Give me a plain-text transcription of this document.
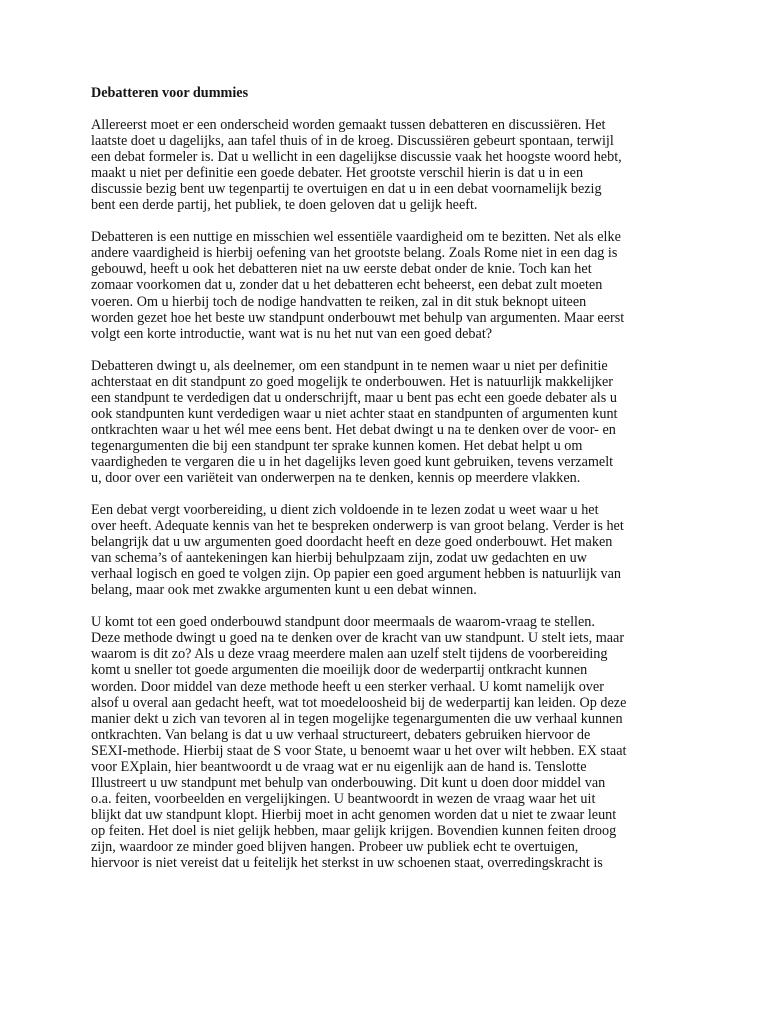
Debatteren voor dummies
Allereerst moet er een onderscheid worden gemaakt tussen debatteren en discussiëren. Het
laatste doet u dagelijks, aan tafel thuis of in de kroeg. Discussiëren gebeurt spontaan, terwijl
een debat formeler is. Dat u wellicht in een dagelijkse discussie vaak het hoogste woord hebt,
maakt u niet per definitie een goede debater. Het grootste verschil hierin is dat u in een
discussie bezig bent uw tegenpartij te overtuigen en dat u in een debat voornamelijk bezig
bent een derde partij, het publiek, te doen geloven dat u gelijk heeft.
Debatteren is een nuttige en misschien wel essentiële vaardigheid om te bezitten. Net als elke
andere vaardigheid is hierbij oefening van het grootste belang. Zoals Rome niet in een dag is
gebouwd, heeft u ook het debatteren niet na uw eerste debat onder de knie. Toch kan het
zomaar voorkomen dat u, zonder dat u het debatteren echt beheerst, een debat zult moeten
voeren. Om u hierbij toch de nodige handvatten te reiken, zal in dit stuk beknopt uiteen
worden gezet hoe het beste uw standpunt onderbouwt met behulp van argumenten. Maar eerst
volgt een korte introductie, want wat is nu het nut van een goed debat?
Debatteren dwingt u, als deelnemer, om een standpunt in te nemen waar u niet per definitie
achterstaat en dit standpunt zo goed mogelijk te onderbouwen. Het is natuurlijk makkelijker
een standpunt te verdedigen dat u onderschrijft, maar u bent pas echt een goede debater als u
ook standpunten kunt verdedigen waar u niet achter staat en standpunten of argumenten kunt
ontkrachten waar u het wél mee eens bent. Het debat dwingt u na te denken over de voor- en
tegenargumenten die bij een standpunt ter sprake kunnen komen. Het debat helpt u om
vaardigheden te vergaren die u in het dagelijks leven goed kunt gebruiken, tevens verzamelt
u, door over een variëteit van onderwerpen na te denken, kennis op meerdere vlakken.
Een debat vergt voorbereiding, u dient zich voldoende in te lezen zodat u weet waar u het
over heeft. Adequate kennis van het te bespreken onderwerp is van groot belang. Verder is het
belangrijk dat u uw argumenten goed doordacht heeft en deze goed onderbouwt. Het maken
van schema’s of aantekeningen kan hierbij behulpzaam zijn, zodat uw gedachten en uw
verhaal logisch en goed te volgen zijn. Op papier een goed argument hebben is natuurlijk van
belang, maar ook met zwakke argumenten kunt u een debat winnen.
U komt tot een goed onderbouwd standpunt door meermaals de waarom-vraag te stellen.
Deze methode dwingt u goed na te denken over de kracht van uw standpunt. U stelt iets, maar
waarom is dit zo? Als u deze vraag meerdere malen aan uzelf stelt tijdens de voorbereiding
komt u sneller tot goede argumenten die moeilijk door de wederpartij ontkracht kunnen
worden. Door middel van deze methode heeft u een sterker verhaal. U komt namelijk over
alsof u overal aan gedacht heeft, wat tot moedeloosheid bij de wederpartij kan leiden. Op deze
manier dekt u zich van tevoren al in tegen mogelijke tegenargumenten die uw verhaal kunnen
ontkrachten. Van belang is dat u uw verhaal structureert, debaters gebruiken hiervoor de
SEXI-methode. Hierbij staat de S voor State, u benoemt waar u het over wilt hebben. EX staat
voor EXplain, hier beantwoordt u de vraag wat er nu eigenlijk aan de hand is. Tenslotte
Illustreert u uw standpunt met behulp van onderbouwing. Dit kunt u doen door middel van
o.a. feiten, voorbeelden en vergelijkingen. U beantwoordt in wezen de vraag waar het uit
blijkt dat uw standpunt klopt. Hierbij moet in acht genomen worden dat u niet te zwaar leunt
op feiten. Het doel is niet gelijk hebben, maar gelijk krijgen. Bovendien kunnen feiten droog
zijn, waardoor ze minder goed blijven hangen. Probeer uw publiek echt te overtuigen,
hiervoor is niet vereist dat u feitelijk het sterkst in uw schoenen staat, overredingskracht is
